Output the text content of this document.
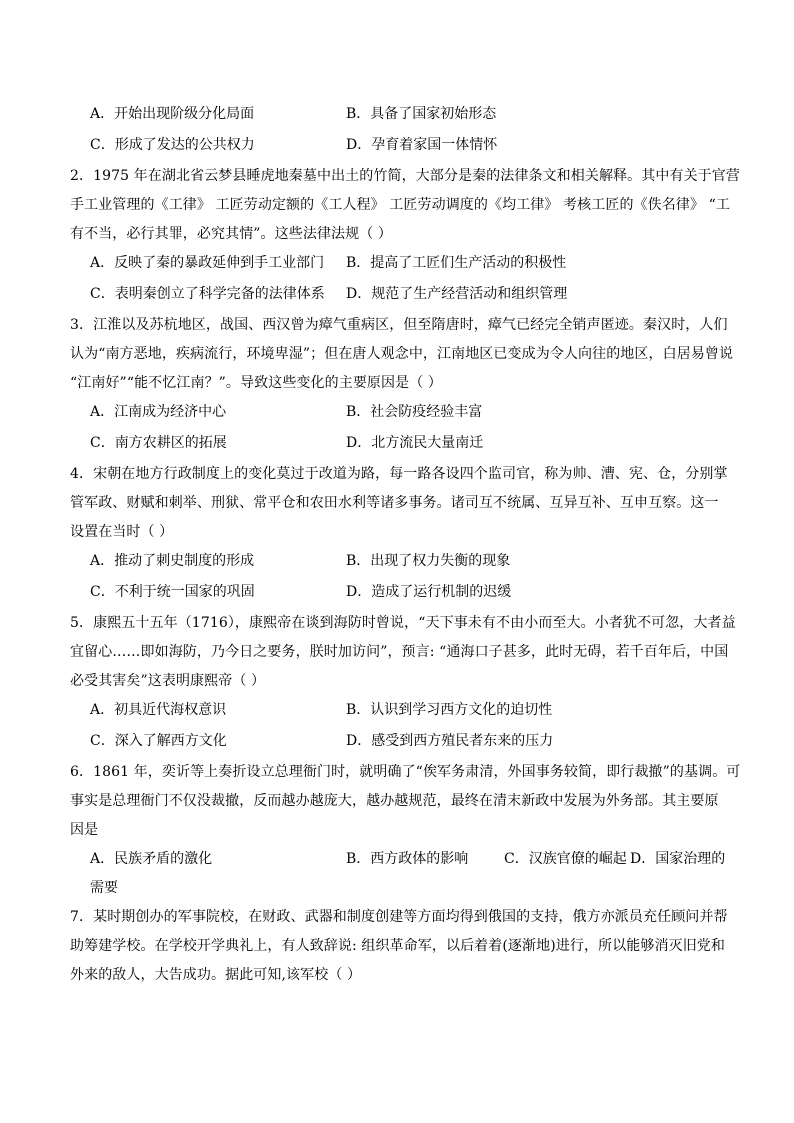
A．开始出现阶级分化局面	B．具备了国家初始形态
C．形成了发达的公共权力	D．孕育着家国一体情怀

2．1975 年在湖北省云梦县睡虎地秦墓中出土的竹简，大部分是秦的法律条文和相关解释。其中有关于官营

手工业管理的《工律》 工匠劳动定额的《工人程》 工匠劳动调度的《均工律》 考核工匠的《佚名律》 “工

有不当，必行其罪，必究其情”。这些法律法规（ ）

A．反映了秦的暴政延伸到手工业部门 B．提高了工匠们生产活动的积极性
C．表明秦创立了科学完备的法律体系 D．规范了生产经营活动和组织管理

3．江淮以及苏杭地区，战国、西汉曾为瘴气重病区，但至隋唐时，瘴气已经完全销声匿迹。秦汉时，人们

认为“南方恶地，疾病流行，环境卑湿”；但在唐人观念中，江南地区已变成为令人向往的地区，白居易曾说

“江南好”“能不忆江南？”。导致这些变化的主要原因是（ ）

A．江南成为经济中心	B．社会防疫经验丰富
C．南方农耕区的拓展	D．北方流民大量南迁

4．宋朝在地方行政制度上的变化莫过于改道为路，每一路各设四个监司官，称为帅、漕、宪、仓，分别掌

管军政、财赋和刺举、刑狱、常平仓和农田水利等诸多事务。诸司互不统属、互异互补、互申互察。这一

设置在当时（ ）

A．推动了刺史制度的形成	B．出现了权力失衡的现象
C．不利于统一国家的巩固	D．造成了运行机制的迟缓

5．康熙五十五年（1716），康熙帝在谈到海防时曾说，“天下事未有不由小而至大。小者犹不可忽，大者益

宜留心……即如海防，乃今日之要务，朕时加访问”，预言: “通海口子甚多，此时无碍，若千百年后，中国

必受其害矣”这表明康熙帝（ ）

A．初具近代海权意识	B．认识到学习西方文化的迫切性
C．深入了解西方文化	D．感受到西方殖民者东来的压力

6．1861 年，奕䜣等上奏折设立总理衙门时，就明确了“俟军务肃清，外国事务较简，即行裁撤”的基调。可

事实是总理衙门不仅没裁撤，反而越办越庞大，越办越规范，最终在清末新政中发展为外务部。其主要原

因是

A．民族矛盾的激化	B．西方政体的影响	C．汉族官僚的崛起 D．国家治理的
需要

7．某时期创办的军事院校，在财政、武器和制度创建等方面均得到俄国的支持，俄方亦派员充任顾问并帮

助筹建学校。在学校开学典礼上，有人致辞说: 组织革命军，以后着着(逐渐地)进行，所以能够消灭旧党和

外来的敌人，大告成功。据此可知,该军校（ ）
